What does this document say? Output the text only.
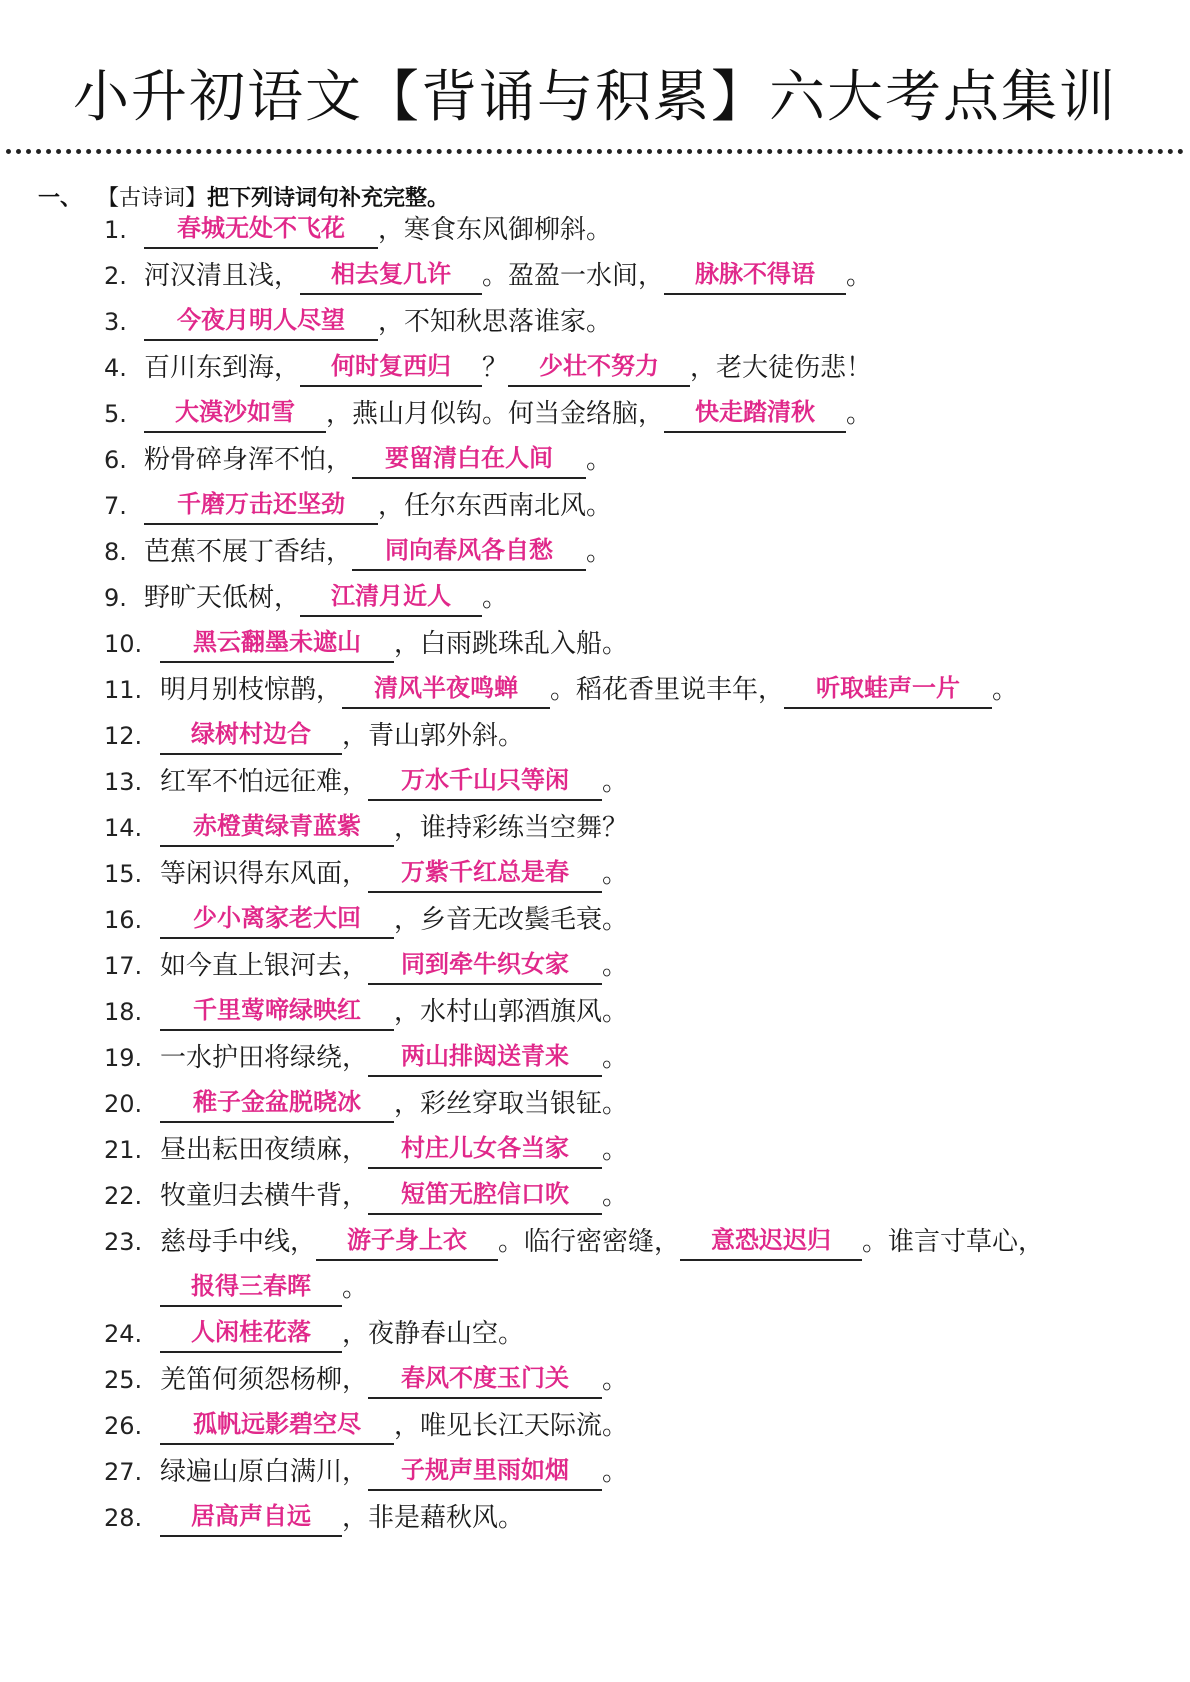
小升初语文【背诵与积累】六大考点集训
一、 【古诗词】把下列诗词句补充完整。
1. 春城无处不飞花 ，寒食东风御柳斜。
2. 河汉清且浅， 相去复几许 。盈盈一水间， 脉脉不得语 。
3. 今夜月明人尽望 ，不知秋思落谁家。
4. 百川东到海， 何时复西归 ？ 少壮不努力 ，老大徒伤悲！
5. 大漠沙如雪 ，燕山月似钩。何当金络脑， 快走踏清秋 。
6. 粉骨碎身浑不怕， 要留清白在人间 。
7. 千磨万击还坚劲 ，任尔东西南北风。
8. 芭蕉不展丁香结， 同向春风各自愁 。
9. 野旷天低树， 江清月近人 。
10. 黑云翻墨未遮山 ，白雨跳珠乱入船。
11. 明月别枝惊鹊， 清风半夜鸣蝉 。稻花香里说丰年， 听取蛙声一片 。
12. 绿树村边合 ，青山郭外斜。
13. 红军不怕远征难， 万水千山只等闲 。
14. 赤橙黄绿青蓝紫 ，谁持彩练当空舞？
15. 等闲识得东风面， 万紫千红总是春 。
16. 少小离家老大回 ，乡音无改鬓毛衰。
17. 如今直上银河去， 同到牵牛织女家 。
18. 千里莺啼绿映红 ，水村山郭酒旗风。
19. 一水护田将绿绕， 两山排闼送青来 。
20. 稚子金盆脱晓冰 ，彩丝穿取当银钲。
21. 昼出耘田夜绩麻， 村庄儿女各当家 。
22. 牧童归去横牛背， 短笛无腔信口吹 。
23. 慈母手中线， 游子身上衣 。临行密密缝， 意恐迟迟归 。谁言寸草心，
报得三春晖 。
24. 人闲桂花落 ，夜静春山空。
25. 羌笛何须怨杨柳， 春风不度玉门关 。
26. 孤帆远影碧空尽 ，唯见长江天际流。
27. 绿遍山原白满川， 子规声里雨如烟 。
28. 居高声自远 ，非是藉秋风。
